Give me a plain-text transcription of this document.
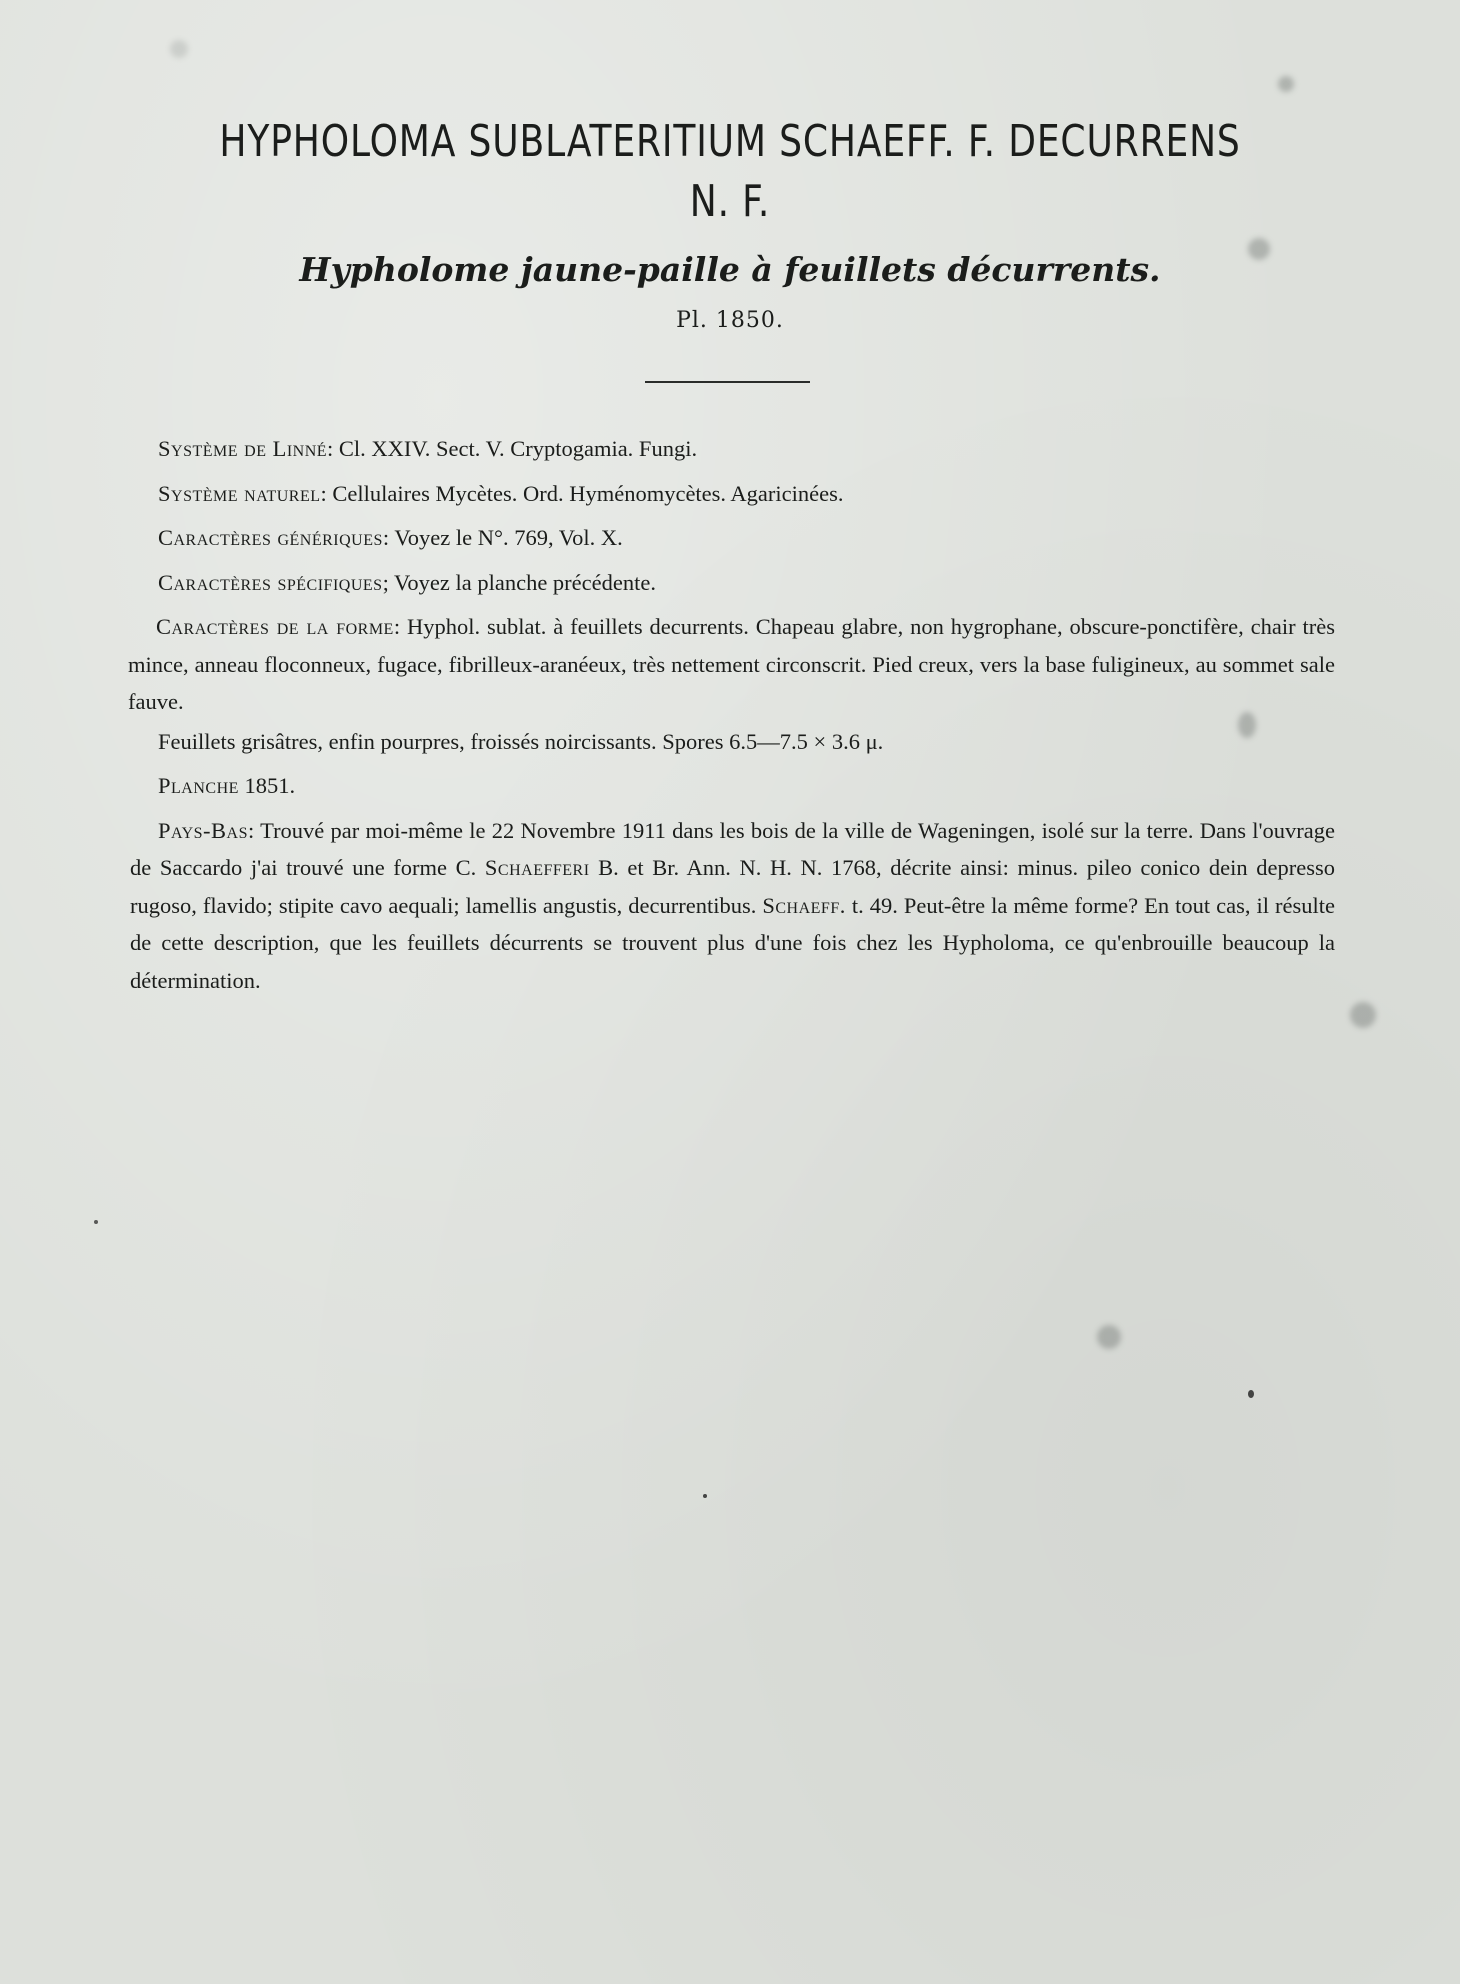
HYPHOLOMA SUBLATERITIUM SCHAEFF. F. DECURRENS
N. F.
Hypholome jaune-paille à feuillets décurrents.
Pl. 1850.

Système de Linné: Cl. XXIV. Sect. V. Cryptogamia. Fungi.

Système naturel: Cellulaires Mycètes. Ord. Hyménomycètes. Agaricinées.

Caractères génériques: Voyez le N°. 769, Vol. X.

Caractères spécifiques; Voyez la planche précédente.

Caractères de la forme: Hyphol. sublat. à feuillets decurrents. Chapeau glabre, non hygrophane, obscure-ponctifère, chair très mince, anneau floconneux, fugace, fibrilleux-aranéeux, très nettement circonscrit. Pied creux, vers la base fuligineux, au sommet sale fauve.

Feuillets grisâtres, enfin pourpres, froissés noircissants. Spores 6.5—7.5 × 3.6 μ.

Planche 1851.

Pays-Bas: Trouvé par moi-même le 22 Novembre 1911 dans les bois de la ville de Wageningen, isolé sur la terre. Dans l'ouvrage de Saccardo j'ai trouvé une forme C. Schaefferi B. et Br. Ann. N. H. N. 1768, décrite ainsi: minus. pileo conico dein depresso rugoso, flavido; stipite cavo aequali; lamellis angustis, decurrentibus. Schaeff. t. 49. Peut-être la même forme? En tout cas, il résulte de cette description, que les feuillets décurrents se trouvent plus d'une fois chez les Hypholoma, ce qu'enbrouille beaucoup la détermination.
